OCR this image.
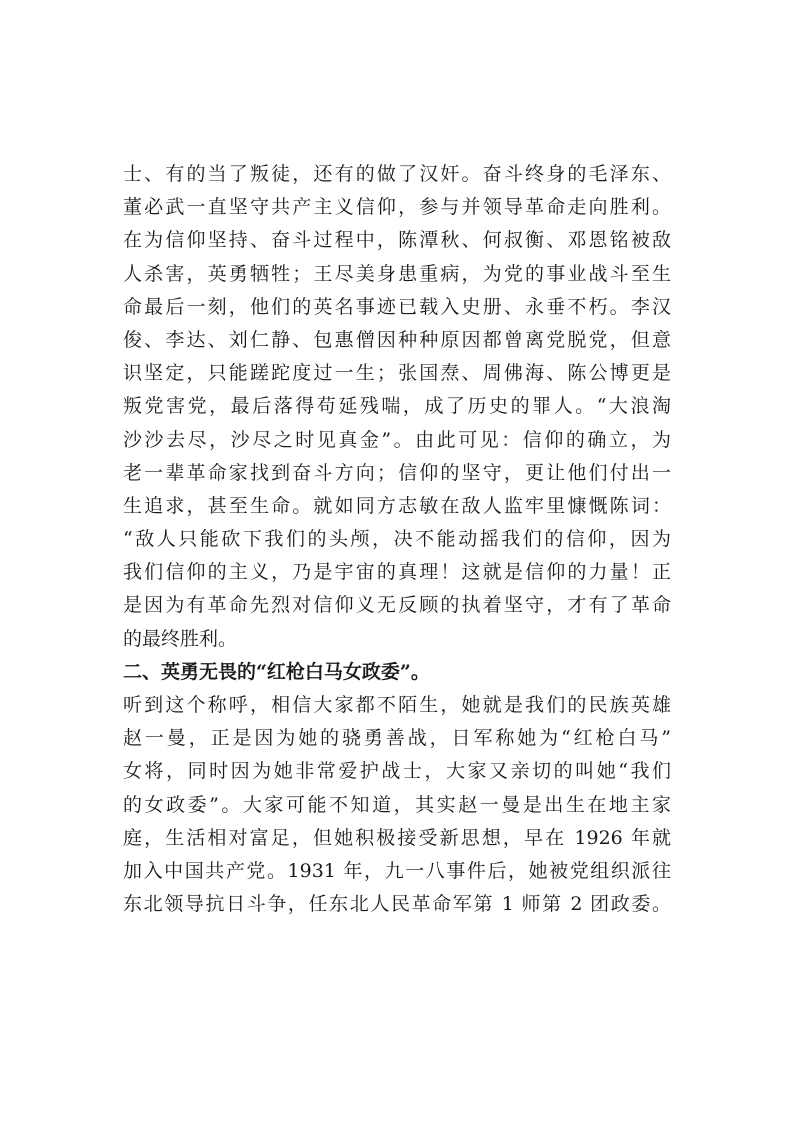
士、有的当了叛徒，还有的做了汉奸。奋斗终身的毛泽东、
董必武一直坚守共产主义信仰，参与并领导革命走向胜利。
在为信仰坚持、奋斗过程中，陈潭秋、何叔衡、邓恩铭被敌
人杀害，英勇牺牲；王尽美身患重病，为党的事业战斗至生
命最后一刻，他们的英名事迹已载入史册、永垂不朽。李汉
俊、李达、刘仁静、包惠僧因种种原因都曾离党脱党，但意
识坚定，只能蹉跎度过一生；张国焘、周佛海、陈公博更是
叛党害党，最后落得苟延残喘，成了历史的罪人。“大浪淘
沙沙去尽，沙尽之时见真金”。由此可见：信仰的确立，为
老一辈革命家找到奋斗方向；信仰的坚守，更让他们付出一
生追求，甚至生命。就如同方志敏在敌人监牢里慷慨陈词：
“敌人只能砍下我们的头颅，决不能动摇我们的信仰，因为
我们信仰的主义，乃是宇宙的真理！这就是信仰的力量！正
是因为有革命先烈对信仰义无反顾的执着坚守，才有了革命
的最终胜利。
二、英勇无畏的“红枪白马女政委”。
听到这个称呼，相信大家都不陌生，她就是我们的民族英雄
赵一曼，正是因为她的骁勇善战，日军称她为“红枪白马”
女将，同时因为她非常爱护战士，大家又亲切的叫她“我们
的女政委”。大家可能不知道，其实赵一曼是出生在地主家
庭，生活相对富足，但她积极接受新思想，早在 1926 年就
加入中国共产党。1931 年，九一八事件后，她被党组织派往
东北领导抗日斗争，任东北人民革命军第 1 师第 2 团政委。
